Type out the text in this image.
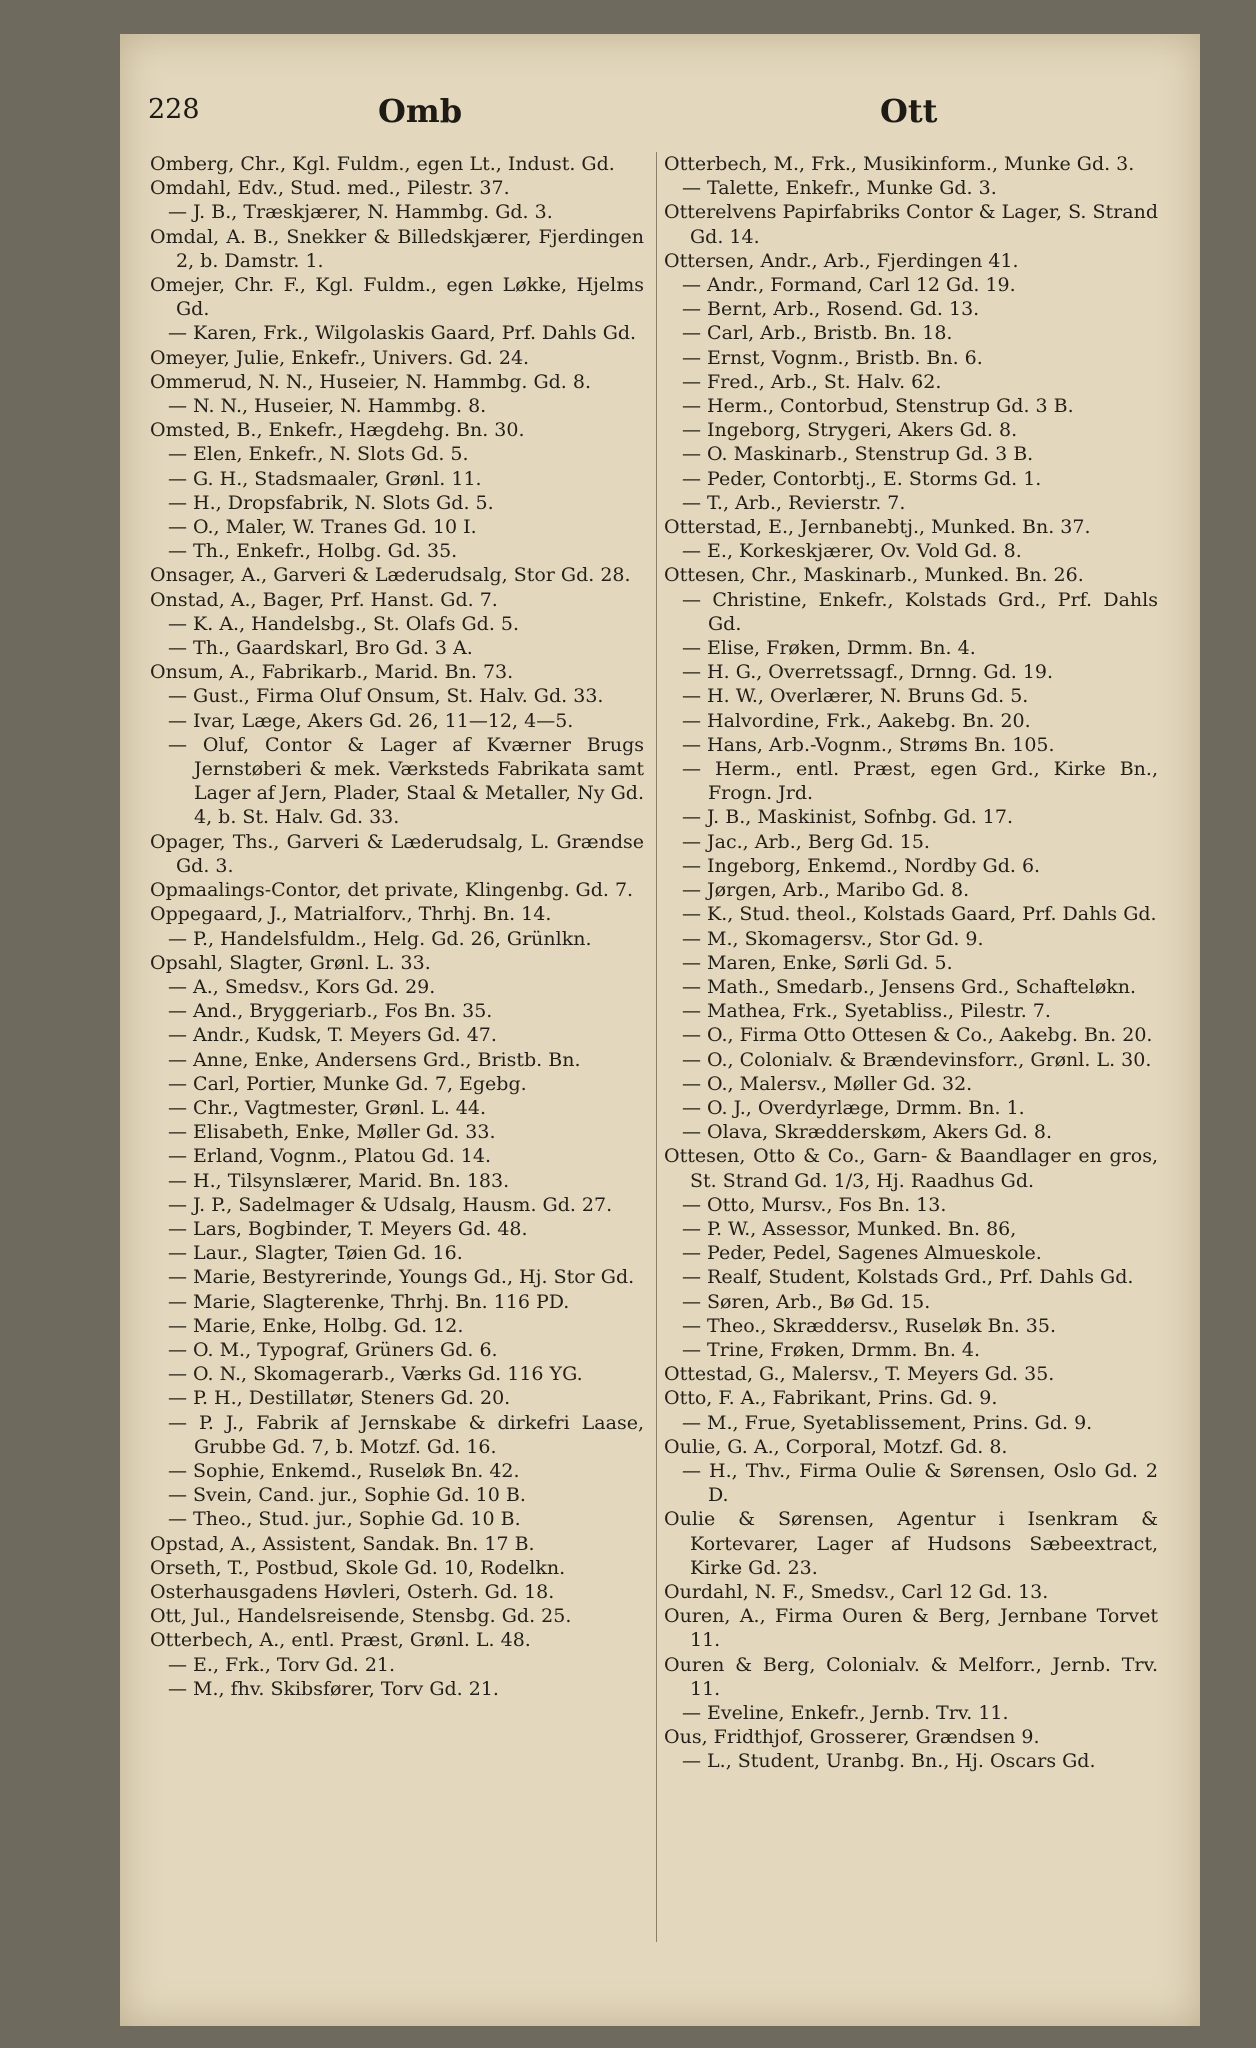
228	Omb	Ott
Omberg, Chr., Kgl. Fuldm., egen Lt., Indust. Gd.
Omdahl, Edv., Stud. med., Pilestr. 37.
— J. B., Træskjærer, N. Hammbg. Gd. 3.
Omdal, A. B., Snekker & Billedskjærer, Fjerdingen 2, b. Damstr. 1.
Omejer, Chr. F., Kgl. Fuldm., egen Løkke, Hjelms Gd.
— Karen, Frk., Wilgolaskis Gaard, Prf. Dahls Gd.
Omeyer, Julie, Enkefr., Univers. Gd. 24.
Ommerud, N. N., Huseier, N. Hammbg. Gd. 8.
— N. N., Huseier, N. Hammbg. 8.
Omsted, B., Enkefr., Hægdehg. Bn. 30.
— Elen, Enkefr., N. Slots Gd. 5.
— G. H., Stadsmaaler, Grønl. 11.
— H., Dropsfabrik, N. Slots Gd. 5.
— O., Maler, W. Tranes Gd. 10 I.
— Th., Enkefr., Holbg. Gd. 35.
Onsager, A., Garveri & Læderudsalg, Stor Gd. 28.
Onstad, A., Bager, Prf. Hanst. Gd. 7.
— K. A., Handelsbg., St. Olafs Gd. 5.
— Th., Gaardskarl, Bro Gd. 3 A.
Onsum, A., Fabrikarb., Marid. Bn. 73.
— Gust., Firma Oluf Onsum, St. Halv. Gd. 33.
— Ivar, Læge, Akers Gd. 26, 11—12, 4—5.
— Oluf, Contor & Lager af Kværner Brugs Jernstøberi & mek. Værksteds Fabrikata samt Lager af Jern, Plader, Staal & Metaller, Ny Gd. 4, b. St. Halv. Gd. 33.
Opager, Ths., Garveri & Læderudsalg, L. Grændse Gd. 3.
Opmaalings-Contor, det private, Klingenbg. Gd. 7.
Oppegaard, J., Matrialforv., Thrhj. Bn. 14.
— P., Handelsfuldm., Helg. Gd. 26, Grünlkn.
Opsahl, Slagter, Grønl. L. 33.
— A., Smedsv., Kors Gd. 29.
— And., Bryggeriarb., Fos Bn. 35.
— Andr., Kudsk, T. Meyers Gd. 47.
— Anne, Enke, Andersens Grd., Bristb. Bn.
— Carl, Portier, Munke Gd. 7, Egebg.
— Chr., Vagtmester, Grønl. L. 44.
— Elisabeth, Enke, Møller Gd. 33.
— Erland, Vognm., Platou Gd. 14.
— H., Tilsynslærer, Marid. Bn. 183.
— J. P., Sadelmager & Udsalg, Hausm. Gd. 27.
— Lars, Bogbinder, T. Meyers Gd. 48.
— Laur., Slagter, Tøien Gd. 16.
— Marie, Bestyrerinde, Youngs Gd., Hj. Stor Gd.
— Marie, Slagterenke, Thrhj. Bn. 116 PD.
— Marie, Enke, Holbg. Gd. 12.
— O. M., Typograf, Grüners Gd. 6.
— O. N., Skomagerarb., Værks Gd. 116 YG.
— P. H., Destillatør, Steners Gd. 20.
— P. J., Fabrik af Jernskabe & dirkefri Laase, Grubbe Gd. 7, b. Motzf. Gd. 16.
— Sophie, Enkemd., Ruseløk Bn. 42.
— Svein, Cand. jur., Sophie Gd. 10 B.
— Theo., Stud. jur., Sophie Gd. 10 B.
Opstad, A., Assistent, Sandak. Bn. 17 B.
Orseth, T., Postbud, Skole Gd. 10, Rodelkn.
Osterhausgadens Høvleri, Osterh. Gd. 18.
Ott, Jul., Handelsreisende, Stensbg. Gd. 25.
Otterbech, A., entl. Præst, Grønl. L. 48.
— E., Frk., Torv Gd. 21.
— M., fhv. Skibsfører, Torv Gd. 21.
Otterbech, M., Frk., Musikinform., Munke Gd. 3.
— Talette, Enkefr., Munke Gd. 3.
Otterelvens Papirfabriks Contor & Lager, S. Strand Gd. 14.
Ottersen, Andr., Arb., Fjerdingen 41.
— Andr., Formand, Carl 12 Gd. 19.
— Bernt, Arb., Rosend. Gd. 13.
— Carl, Arb., Bristb. Bn. 18.
— Ernst, Vognm., Bristb. Bn. 6.
— Fred., Arb., St. Halv. 62.
— Herm., Contorbud, Stenstrup Gd. 3 B.
— Ingeborg, Strygeri, Akers Gd. 8.
— O. Maskinarb., Stenstrup Gd. 3 B.
— Peder, Contorbtj., E. Storms Gd. 1.
— T., Arb., Revierstr. 7.
Otterstad, E., Jernbanebtj., Munked. Bn. 37.
— E., Korkeskjærer, Ov. Vold Gd. 8.
Ottesen, Chr., Maskinarb., Munked. Bn. 26.
— Christine, Enkefr., Kolstads Grd., Prf. Dahls Gd.
— Elise, Frøken, Drmm. Bn. 4.
— H. G., Overretssagf., Drnng. Gd. 19.
— H. W., Overlærer, N. Bruns Gd. 5.
— Halvordine, Frk., Aakebg. Bn. 20.
— Hans, Arb.-Vognm., Strøms Bn. 105.
— Herm., entl. Præst, egen Grd., Kirke Bn., Frogn. Jrd.
— J. B., Maskinist, Sofnbg. Gd. 17.
— Jac., Arb., Berg Gd. 15.
— Ingeborg, Enkemd., Nordby Gd. 6.
— Jørgen, Arb., Maribo Gd. 8.
— K., Stud. theol., Kolstads Gaard, Prf. Dahls Gd.
— M., Skomagersv., Stor Gd. 9.
— Maren, Enke, Sørli Gd. 5.
— Math., Smedarb., Jensens Grd., Schafteløkn.
— Mathea, Frk., Syetabliss., Pilestr. 7.
— O., Firma Otto Ottesen & Co., Aakebg. Bn. 20.
— O., Colonialv. & Brændevinsforr., Grønl. L. 30.
— O., Malersv., Møller Gd. 32.
— O. J., Overdyrlæge, Drmm. Bn. 1.
— Olava, Skrædderskøm, Akers Gd. 8.
Ottesen, Otto & Co., Garn- & Baandlager en gros, St. Strand Gd. 1/3, Hj. Raadhus Gd.
— Otto, Mursv., Fos Bn. 13.
— P. W., Assessor, Munked. Bn. 86,
— Peder, Pedel, Sagenes Almueskole.
— Realf, Student, Kolstads Grd., Prf. Dahls Gd.
— Søren, Arb., Bø Gd. 15.
— Theo., Skræddersv., Ruseløk Bn. 35.
— Trine, Frøken, Drmm. Bn. 4.
Ottestad, G., Malersv., T. Meyers Gd. 35.
Otto, F. A., Fabrikant, Prins. Gd. 9.
— M., Frue, Syetablissement, Prins. Gd. 9.
Oulie, G. A., Corporal, Motzf. Gd. 8.
— H., Thv., Firma Oulie & Sørensen, Oslo Gd. 2 D.
Oulie & Sørensen, Agentur i Isenkram & Kortevarer, Lager af Hudsons Sæbeextract, Kirke Gd. 23.
Ourdahl, N. F., Smedsv., Carl 12 Gd. 13.
Ouren, A., Firma Ouren & Berg, Jernbane Torvet 11.
Ouren & Berg, Colonialv. & Melforr., Jernb. Trv. 11.
— Eveline, Enkefr., Jernb. Trv. 11.
Ous, Fridthjof, Grosserer, Grændsen 9.
— L., Student, Uranbg. Bn., Hj. Oscars Gd.
